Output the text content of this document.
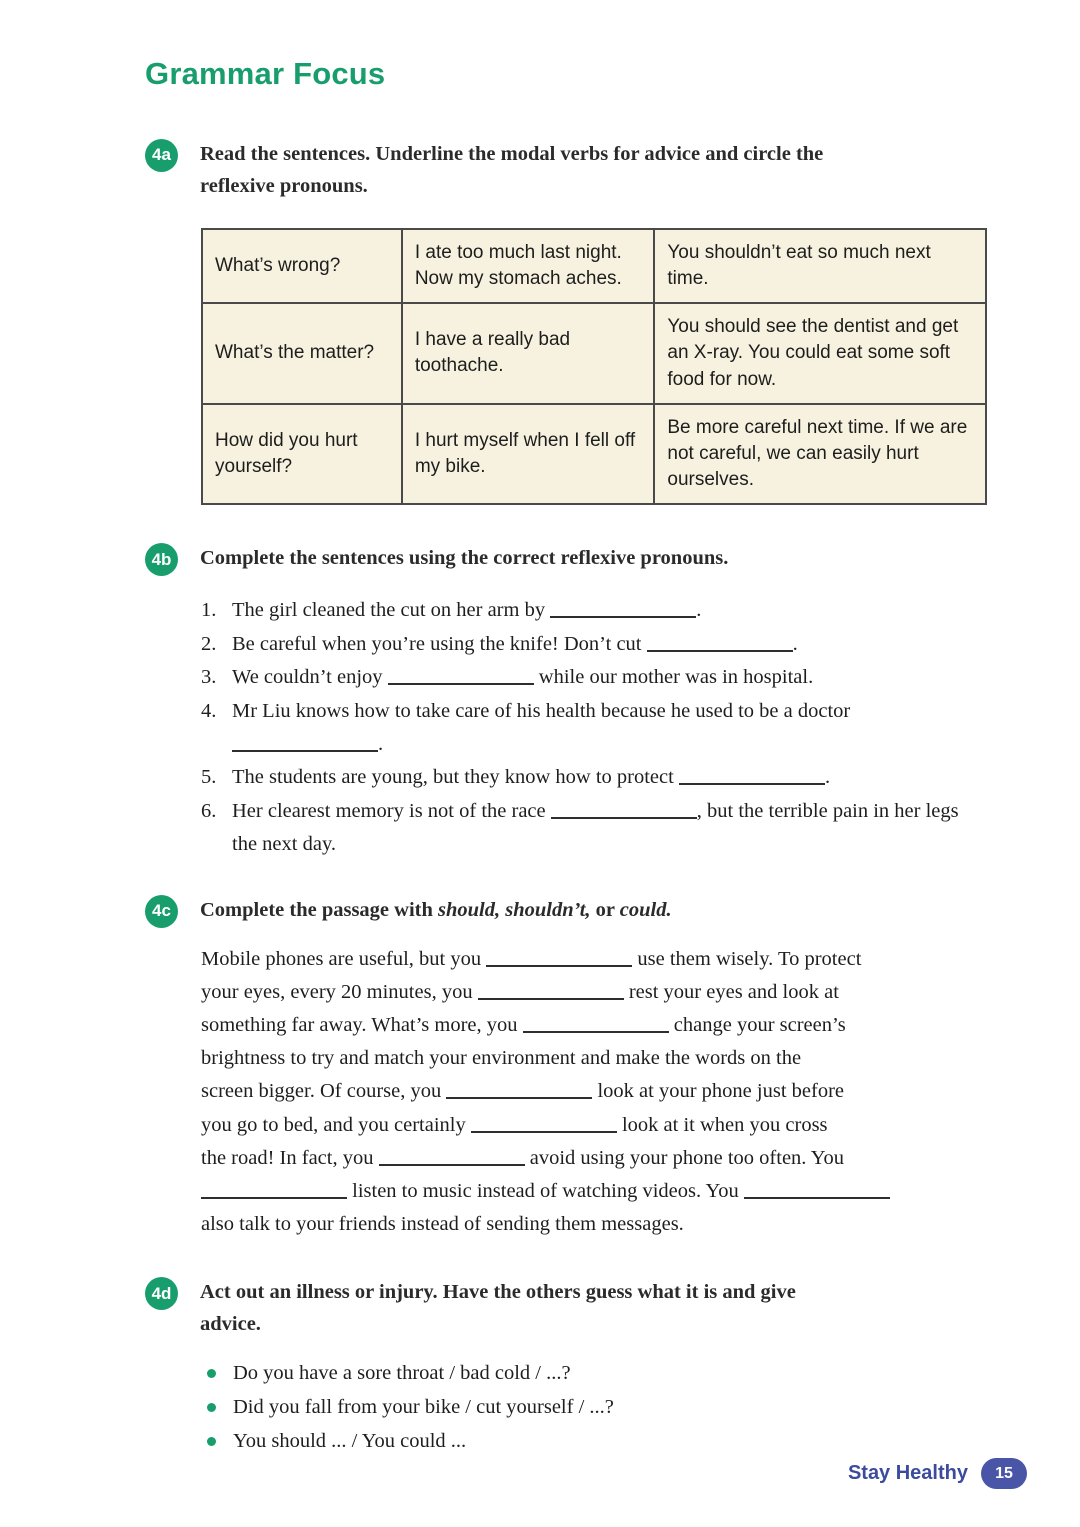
Grammar Focus
4a	Read the sentences. Underline the modal verbs for advice and circle the
reflexive pronouns.
What’s wrong?	I ate too much last night. Now my stomach aches.	You shouldn’t eat so much next time.
What’s the matter?	I have a really bad toothache.	You should see the dentist and get an X-ray. You could eat some soft food for now.
How did you hurt yourself?	I hurt myself when I fell off my bike.	Be more careful next time. If we are not careful, we can easily hurt ourselves.
4b	Complete the sentences using the correct reflexive pronouns.
The girl cleaned the cut on her arm by	.
Be careful when you’re using the knife! Don’t cut	.
We couldn’t enjoy	while our mother was in hospital.
Mr Liu knows how to take care of his health because he used to be a doctor .
The students are young, but they know how to protect	.
Her clearest memory is not of the race	, but the terrible pain in her legs the next day.
4c	Complete the passage with should, shouldn’t, or could.
Mobile phones are useful, but you	use them wisely. To protect
your eyes, every 20 minutes, you	rest your eyes and look at
something far away. What’s more, you	change your screen’s
brightness to try and match your environment and make the words on the
screen bigger. Of course, you	look at your phone just before
you go to bed, and you certainly	look at it when you cross
the road! In fact, you	avoid using your phone too often. You
listen to music instead of watching videos. You
also talk to your friends instead of sending them messages.
4d	Act out an illness or injury. Have the others guess what it is and give
advice.
Do you have a sore throat / bad cold / ...?
Did you fall from your bike / cut yourself / ...?
You should ... / You could ...
Stay Healthy	15
